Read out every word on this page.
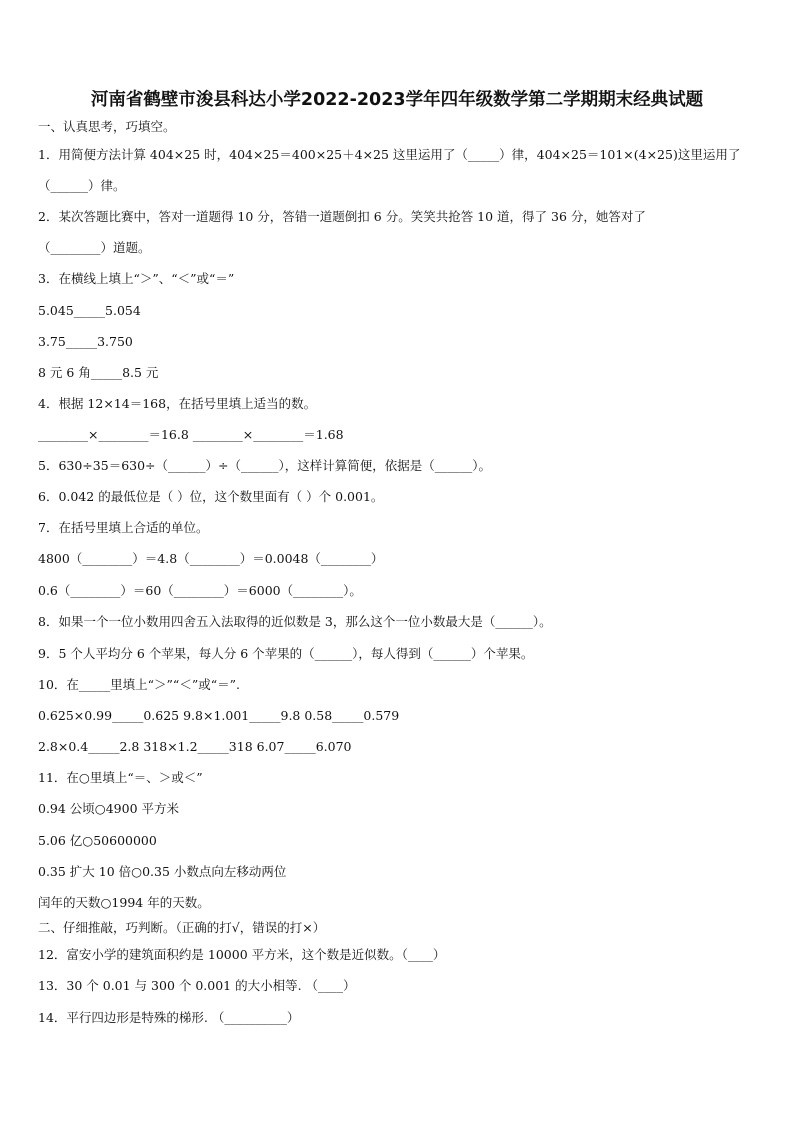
河南省鹤壁市浚县科达小学2022-2023学年四年级数学第二学期期末经典试题
一、认真思考，巧填空。
1．用简便方法计算 404×25 时，404×25＝400×25＋4×25 这里运用了（_____）律，404×25＝101×(4×25)这里运用了
（______）律。
2．某次答题比赛中，答对一道题得 10 分，答错一道题倒扣 6 分。笑笑共抢答 10 道，得了 36 分，她答对了
（________）道题。
3．在横线上填上“＞”、“＜”或“＝”
5.045_____5.054
3.75_____3.750
8 元 6 角_____8.5 元
4．根据 12×14＝168，在括号里填上适当的数。
________×________＝16.8 ________×________＝1.68
5．630÷35＝630÷（______）÷（______），这样计算简便，依据是（______）。
6．0.042 的最低位是（ ）位，这个数里面有（ ）个 0.001。
7．在括号里填上合适的单位。
4800（________）＝4.8（________）＝0.0048（________）
0.6（________）＝60（________）＝6000（________）。
8．如果一个一位小数用四舍五入法取得的近似数是 3，那么这个一位小数最大是（______）。
9．5 个人平均分 6 个苹果，每人分 6 个苹果的（______），每人得到（______）个苹果。
10．在_____里填上“＞”“＜”或“＝”.
0.625×0.99_____0.625 9.8×1.001_____9.8 0.58_____0.579
2.8×0.4_____2.8 318×1.2_____318 6.07_____6.070
11．在○里填上“＝、＞或＜”
0.94 公顷○4900 平方米
5.06 亿○50600000
0.35 扩大 10 倍○0.35 小数点向左移动两位
闰年的天数○1994 年的天数。
二、仔细推敲，巧判断。（正确的打√，错误的打×）
12．富安小学的建筑面积约是 10000 平方米，这个数是近似数。（____）
13．30 个 0.01 与 300 个 0.001 的大小相等. （____）
14．平行四边形是特殊的梯形. （__________）
